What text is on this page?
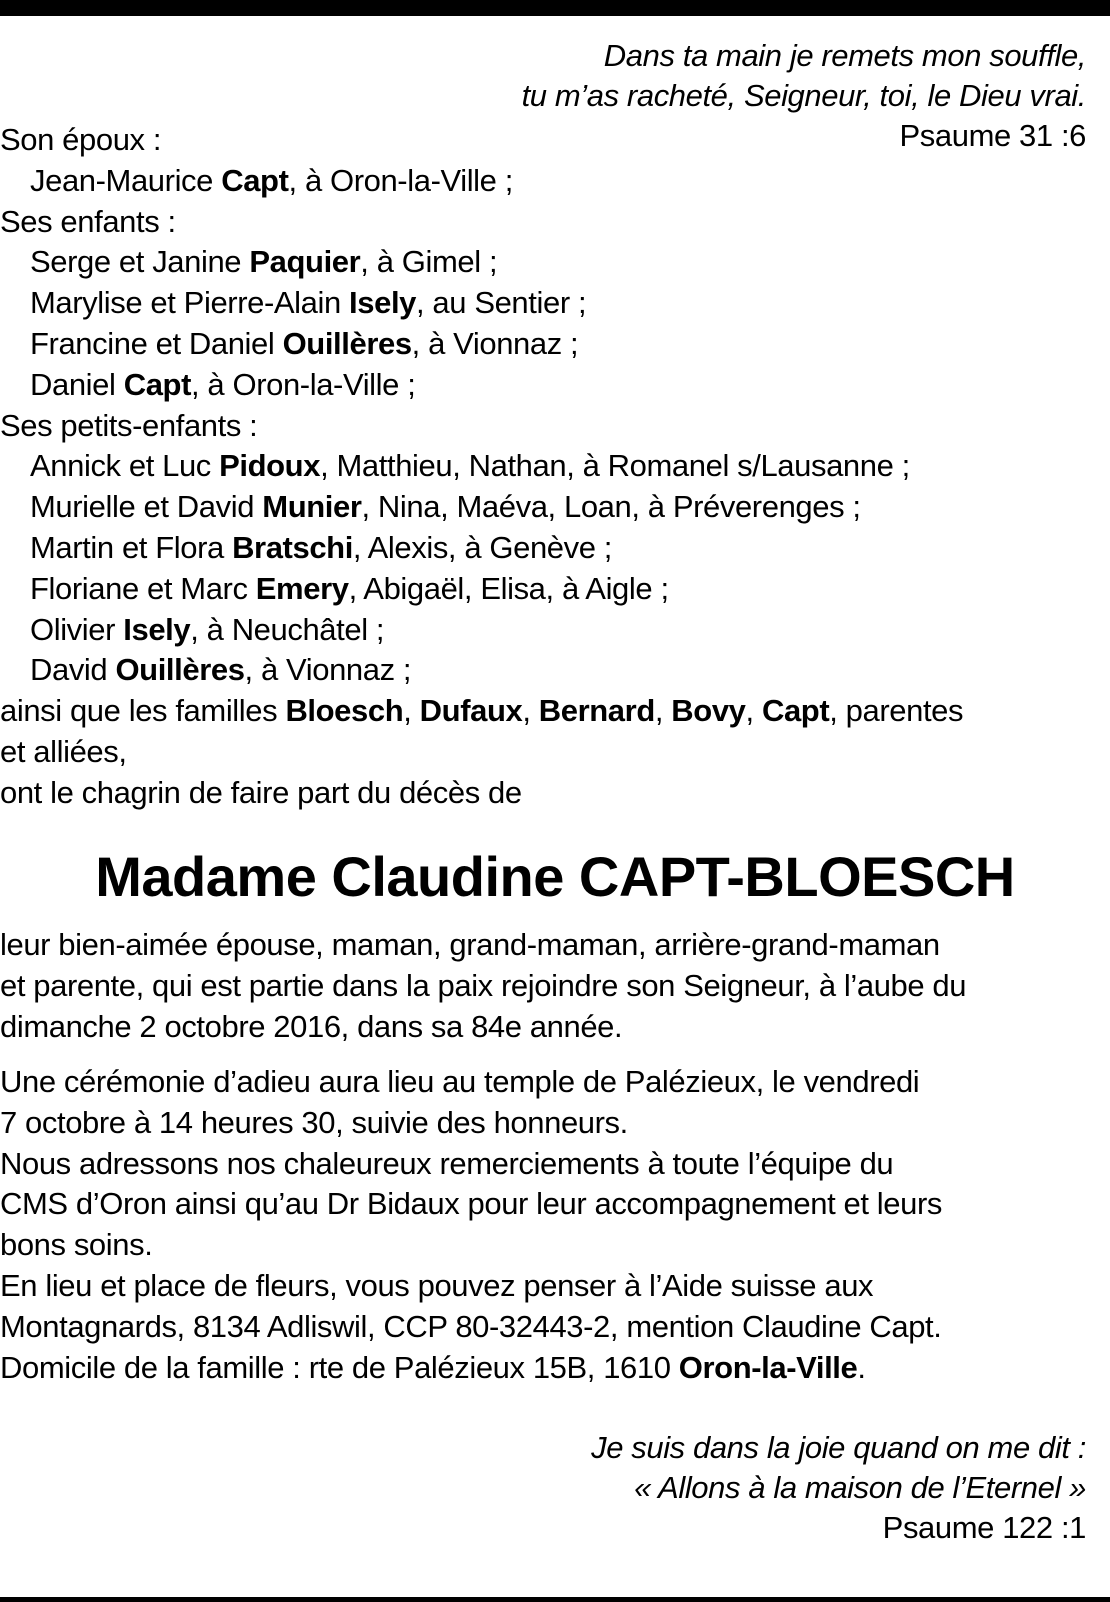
Dans ta main je remets mon souffle,
tu m’as racheté, Seigneur, toi, le Dieu vrai.
Psaume 31 :6
Son époux :
Jean-Maurice Capt, à Oron-la-Ville ;
Ses enfants :
Serge et Janine Paquier, à Gimel ;
Marylise et Pierre-Alain Isely, au Sentier ;
Francine et Daniel Ouillères, à Vionnaz ;
Daniel Capt, à Oron-la-Ville ;
Ses petits-enfants :
Annick et Luc Pidoux, Matthieu, Nathan, à Romanel s/Lausanne ;
Murielle et David Munier, Nina, Maéva, Loan, à Préverenges ;
Martin et Flora Bratschi, Alexis, à Genève ;
Floriane et Marc Emery, Abigaël, Elisa, à Aigle ;
Olivier Isely, à Neuchâtel ;
David Ouillères, à Vionnaz ;
ainsi que les familles Bloesch, Dufaux, Bernard, Bovy, Capt, parentes
et alliées,
ont le chagrin de faire part du décès de
Madame Claudine CAPT-BLOESCH
leur bien-aimée épouse, maman, grand-maman, arrière-grand-maman
et parente, qui est partie dans la paix rejoindre son Seigneur, à l’aube du
dimanche 2 octobre 2016, dans sa 84e année.
Une cérémonie d’adieu aura lieu au temple de Palézieux, le vendredi
7 octobre à 14 heures 30, suivie des honneurs.
Nous adressons nos chaleureux remerciements à toute l’équipe du
CMS d’Oron ainsi qu’au Dr Bidaux pour leur accompagnement et leurs
bons soins.
En lieu et place de fleurs, vous pouvez penser à l’Aide suisse aux
Montagnards, 8134 Adliswil, CCP 80-32443-2, mention Claudine Capt.
Domicile de la famille : rte de Palézieux 15B, 1610 Oron-la-Ville.
Je suis dans la joie quand on me dit :
« Allons à la maison de l’Eternel »
Psaume 122 :1
